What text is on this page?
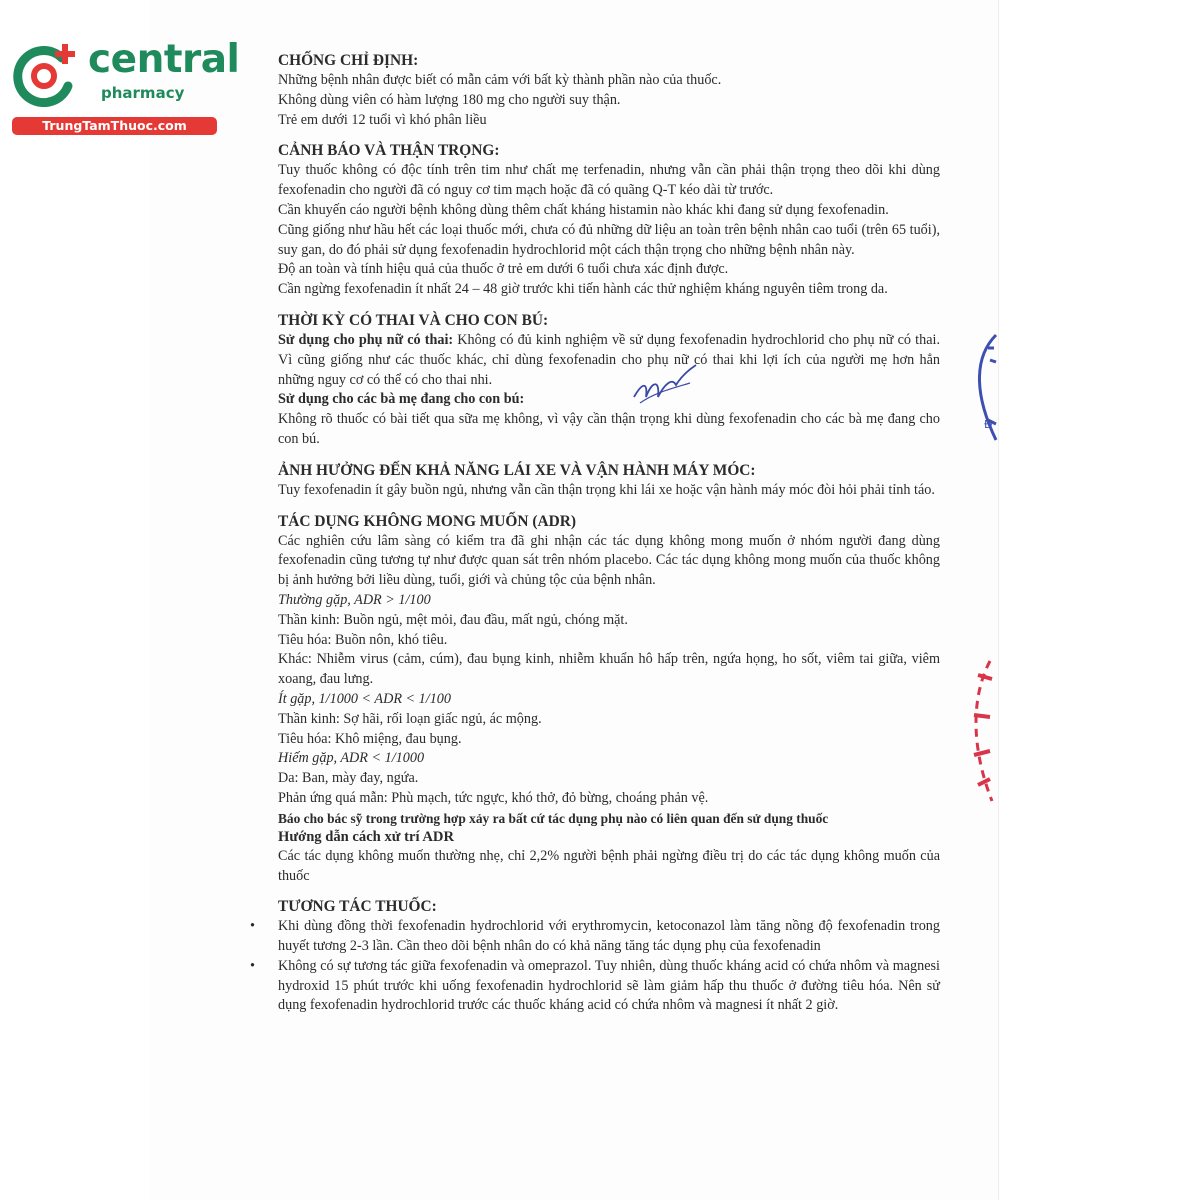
central
pharmacy
TrungTamThuoc.com
Đ
CHỐNG CHỈ ĐỊNH:

Những bệnh nhân được biết có mẫn cảm với bất kỳ thành phần nào của thuốc.

Không dùng viên có hàm lượng 180 mg cho người suy thận.

Trẻ em dưới 12 tuổi vì khó phân liều

CẢNH BÁO VÀ THẬN TRỌNG:

Tuy thuốc không có độc tính trên tim như chất mẹ terfenadin, nhưng vẫn cần phải thận trọng theo dõi khi dùng fexofenadin cho người đã có nguy cơ tim mạch hoặc đã có quãng Q-T kéo dài từ trước.

Cần khuyến cáo người bệnh không dùng thêm chất kháng histamin nào khác khi đang sử dụng fexofenadin.

Cũng giống như hầu hết các loại thuốc mới, chưa có đủ những dữ liệu an toàn trên bệnh nhân cao tuổi (trên 65 tuổi), suy gan, do đó phải sử dụng fexofenadin hydrochlorid một cách thận trọng cho những bệnh nhân này.

Độ an toàn và tính hiệu quả của thuốc ở trẻ em dưới 6 tuổi chưa xác định được.

Cần ngừng fexofenadin ít nhất 24 – 48 giờ trước khi tiến hành các thử nghiệm kháng nguyên tiêm trong da.

THỜI KỲ CÓ THAI VÀ CHO CON BÚ:

Sử dụng cho phụ nữ có thai: Không có đủ kinh nghiệm về sử dụng fexofenadin hydrochlorid cho phụ nữ có thai. Vì cũng giống như các thuốc khác, chỉ dùng fexofenadin cho phụ nữ có thai khi lợi ích của người mẹ hơn hẳn những nguy cơ có thể có cho thai nhi.

Sử dụng cho các bà mẹ đang cho con bú:

Không rõ thuốc có bài tiết qua sữa mẹ không, vì vậy cần thận trọng khi dùng fexofenadin cho các bà mẹ đang cho con bú.

ẢNH HƯỞNG ĐẾN KHẢ NĂNG LÁI XE VÀ VẬN HÀNH MÁY MÓC:

Tuy fexofenadin ít gây buồn ngủ, nhưng vẫn cần thận trọng khi lái xe hoặc vận hành máy móc đòi hỏi phải tỉnh táo.

TÁC DỤNG KHÔNG MONG MUỐN (ADR)

Các nghiên cứu lâm sàng có kiểm tra đã ghi nhận các tác dụng không mong muốn ở nhóm người đang dùng fexofenadin cũng tương tự như được quan sát trên nhóm placebo. Các tác dụng không mong muốn của thuốc không bị ảnh hưởng bởi liều dùng, tuổi, giới và chủng tộc của bệnh nhân.

Thường gặp, ADR > 1/100

Thần kinh: Buồn ngủ, mệt mỏi, đau đầu, mất ngủ, chóng mặt.

Tiêu hóa: Buồn nôn, khó tiêu.

Khác: Nhiễm virus (cảm, cúm), đau bụng kinh, nhiễm khuẩn hô hấp trên, ngứa họng, ho sốt, viêm tai giữa, viêm xoang, đau lưng.

Ít gặp, 1/1000 < ADR < 1/100

Thần kinh: Sợ hãi, rối loạn giấc ngủ, ác mộng.

Tiêu hóa: Khô miệng, đau bụng.

Hiếm gặp, ADR < 1/1000

Da: Ban, mày đay, ngứa.

Phản ứng quá mẫn: Phù mạch, tức ngực, khó thở, đỏ bừng, choáng phản vệ.

Báo cho bác sỹ trong trường hợp xảy ra bất cứ tác dụng phụ nào có liên quan đến sử dụng thuốc

Hướng dẫn cách xử trí ADR

Các tác dụng không muốn thường nhẹ, chỉ 2,2% người bệnh phải ngừng điều trị do các tác dụng không muốn của thuốc

TƯƠNG TÁC THUỐC:
•	Khi dùng đồng thời fexofenadin hydrochlorid với erythromycin, ketoconazol làm tăng nồng độ fexofenadin trong huyết tương 2-3 lần. Cần theo dõi bệnh nhân do có khả năng tăng tác dụng phụ của fexofenadin
•	Không có sự tương tác giữa fexofenadin và omeprazol. Tuy nhiên, dùng thuốc kháng acid có chứa nhôm và magnesi hydroxid 15 phút trước khi uống fexofenadin hydrochlorid sẽ làm giảm hấp thu thuốc ở đường tiêu hóa. Nên sử dụng fexofenadin hydrochlorid trước các thuốc kháng acid có chứa nhôm và magnesi ít nhất 2 giờ.
